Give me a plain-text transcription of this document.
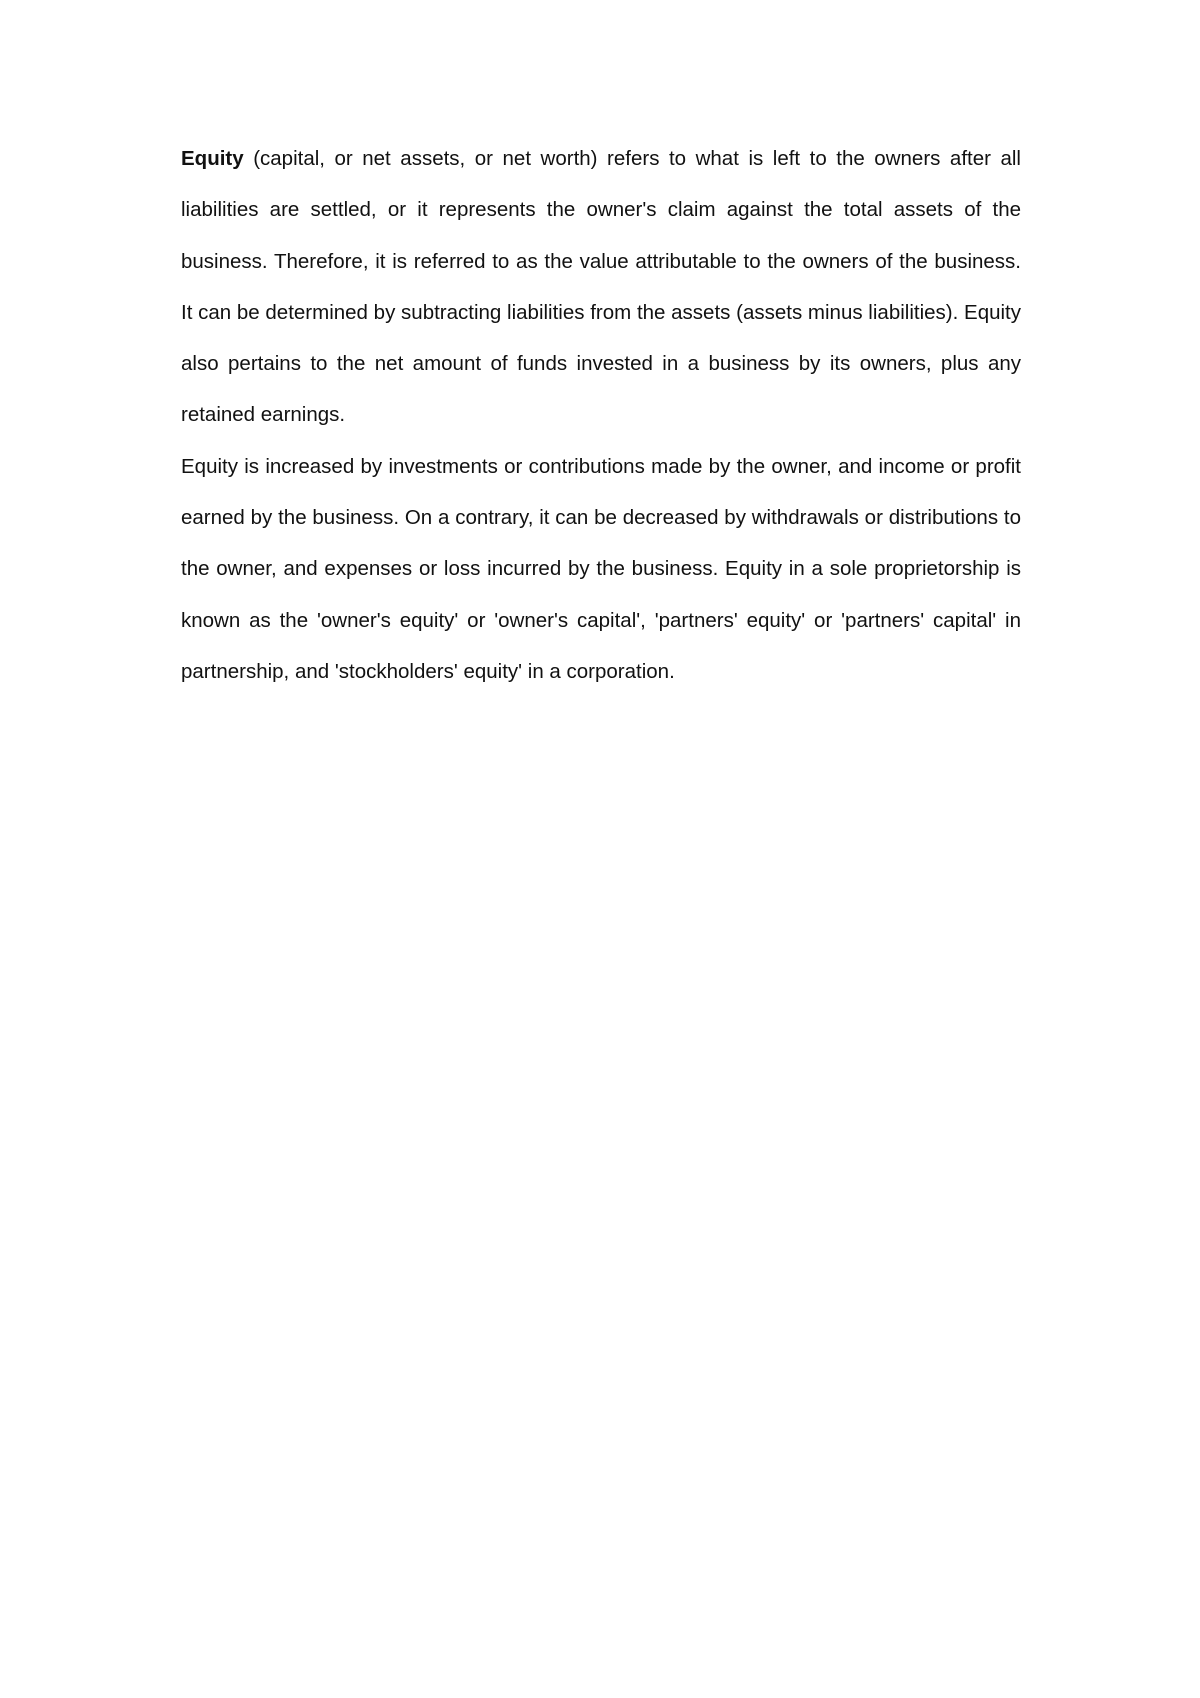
Equity (capital, or net assets, or net worth) refers to what is left to the owners after all liabilities are settled, or it represents the owner's claim against the total assets of the business. Therefore, it is referred to as the value attributable to the owners of the business. It can be determined by subtracting liabilities from the assets (assets minus liabilities). Equity also pertains to the net amount of funds invested in a business by its owners, plus any retained earnings.

Equity is increased by investments or contributions made by the owner, and income or profit earned by the business. On a contrary, it can be decreased by withdrawals or distributions to the owner, and expenses or loss incurred by the business. Equity in a sole proprietorship is known as the 'owner's equity' or 'owner's capital', 'partners' equity' or 'partners' capital' in partnership, and 'stockholders' equity' in a corporation.
